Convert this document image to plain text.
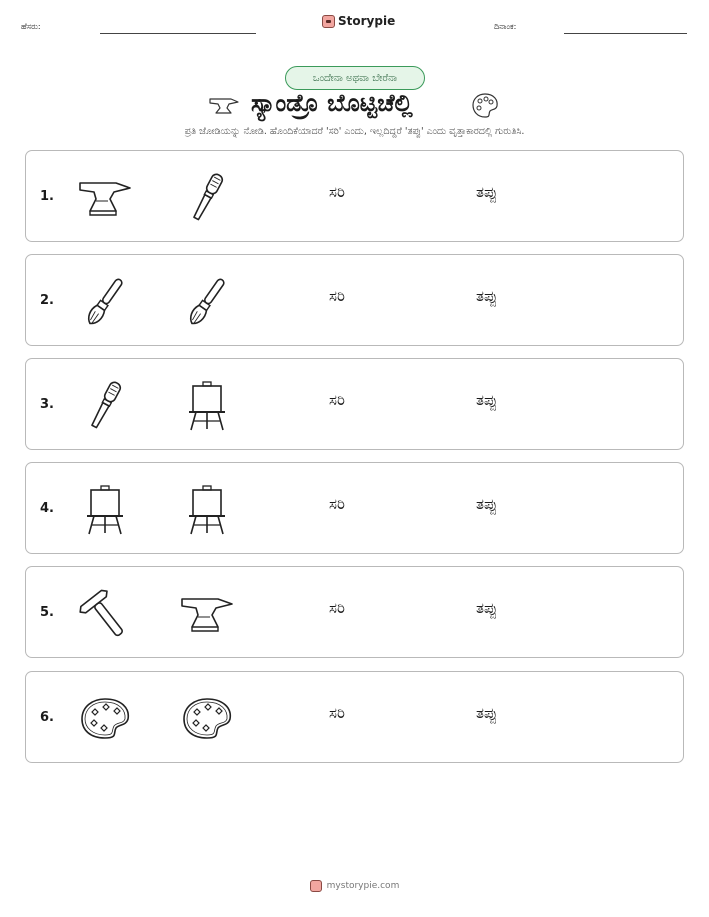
ಹೆಸರು:	Storypie	ದಿನಾಂಕ:
ಒಂದೇನಾ ಅಥವಾ ಬೇರೆನಾ
ಸ್ಯಾಂಡ್ರೊ ಬೊಟ್ಟಿಚೆಲ್ಲಿ
ಪ್ರತಿ ಜೋಡಿಯನ್ನು ನೋಡಿ. ಹೊಂದಿಕೆಯಾದರೆ 'ಸರಿ' ಎಂದು, ಇಲ್ಲದಿದ್ದರೆ 'ತಪ್ಪು' ಎಂದು ವೃತ್ತಾಕಾರದಲ್ಲಿ ಗುರುತಿಸಿ.
1.	ಸರಿ	ತಪ್ಪು
2.	ಸರಿ	ತಪ್ಪು
3.	ಸರಿ	ತಪ್ಪು
4.	ಸರಿ	ತಪ್ಪು
5.	ಸರಿ	ತಪ್ಪು
6.	ಸರಿ	ತಪ್ಪು
mystorypie.com
